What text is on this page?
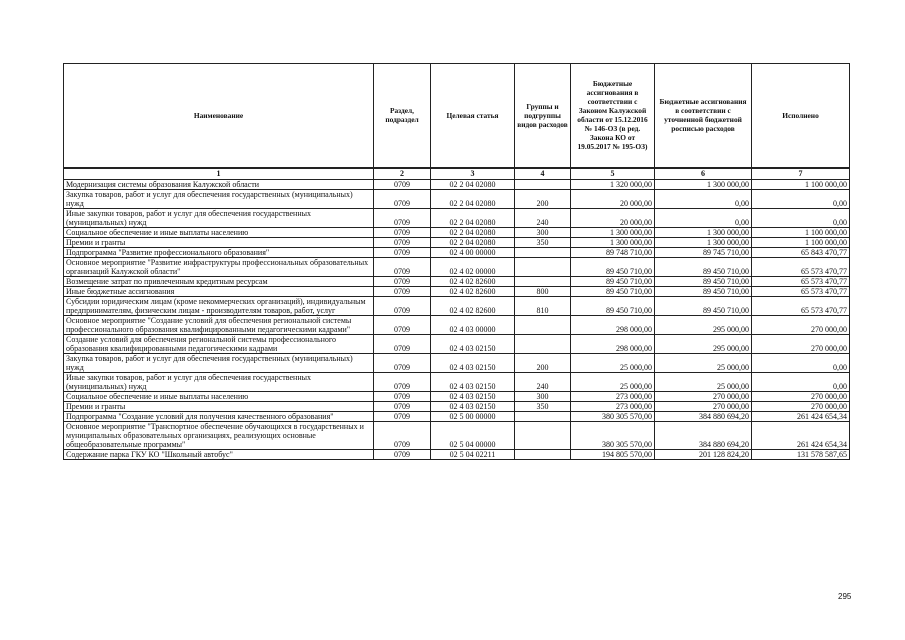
Наименование	Раздел, подраздел	Целевая статья	Группы и подгруппы видов расходов	Бюджетные ассигнования в соответствии с Законом Калужской области от 15.12.2016 № 146-ОЗ (в ред. Закона КО от 19.05.2017 № 195-ОЗ)	Бюджетные ассигнования в соответствии с уточненной бюджетной росписью расходов	Исполнено
1	2	3	4	5	6	7
Модернизация системы образования Калужской области	0709	02 2 04 02080		1 320 000,00	1 300 000,00	1 100 000,00
Закупка товаров, работ и услуг для обеспечения государственных (муниципальных) нужд	0709	02 2 04 02080	200	20 000,00	0,00	0,00
Иные закупки товаров, работ и услуг для обеспечения государственных (муниципальных) нужд	0709	02 2 04 02080	240	20 000,00	0,00	0,00
Социальное обеспечение и иные выплаты населению	0709	02 2 04 02080	300	1 300 000,00	1 300 000,00	1 100 000,00
Премии и гранты	0709	02 2 04 02080	350	1 300 000,00	1 300 000,00	1 100 000,00
Подпрограмма "Развитие профессионального образования"	0709	02 4 00 00000		89 748 710,00	89 745 710,00	65 843 470,77
Основное мероприятие "Развитие инфраструктуры профессиональных образовательных организаций Калужской области"	0709	02 4 02 00000		89 450 710,00	89 450 710,00	65 573 470,77
Возмещение затрат по привлеченным кредитным ресурсам	0709	02 4 02 82600		89 450 710,00	89 450 710,00	65 573 470,77
Иные бюджетные ассигнования	0709	02 4 02 82600	800	89 450 710,00	89 450 710,00	65 573 470,77
Субсидии юридическим лицам (кроме некоммерческих организаций), индивидуальным предпринимателям, физическим лицам - производителям товаров, работ, услуг	0709	02 4 02 82600	810	89 450 710,00	89 450 710,00	65 573 470,77
Основное мероприятие "Создание условий для обеспечения региональной системы профессионального образования квалифицированными педагогическими кадрами"	0709	02 4 03 00000		298 000,00	295 000,00	270 000,00
Создание условий для обеспечения региональной системы профессионального образования квалифицированными педагогическими кадрами	0709	02 4 03 02150		298 000,00	295 000,00	270 000,00
Закупка товаров, работ и услуг для обеспечения государственных (муниципальных) нужд	0709	02 4 03 02150	200	25 000,00	25 000,00	0,00
Иные закупки товаров, работ и услуг для обеспечения государственных (муниципальных) нужд	0709	02 4 03 02150	240	25 000,00	25 000,00	0,00
Социальное обеспечение и иные выплаты населению	0709	02 4 03 02150	300	273 000,00	270 000,00	270 000,00
Премии и гранты	0709	02 4 03 02150	350	273 000,00	270 000,00	270 000,00
Подпрограмма "Создание условий для получения качественного образования"	0709	02 5 00 00000		380 305 570,00	384 880 694,20	261 424 654,34
Основное мероприятие "Транспортное обеспечение обучающихся в государственных и муниципальных образовательных организациях, реализующих основные общеобразовательные программы"	0709	02 5 04 00000		380 305 570,00	384 880 694,20	261 424 654,34
Содержание парка ГКУ КО "Школьный автобус"	0709	02 5 04 02211		194 805 570,00	201 128 824,20	131 578 587,65
295
